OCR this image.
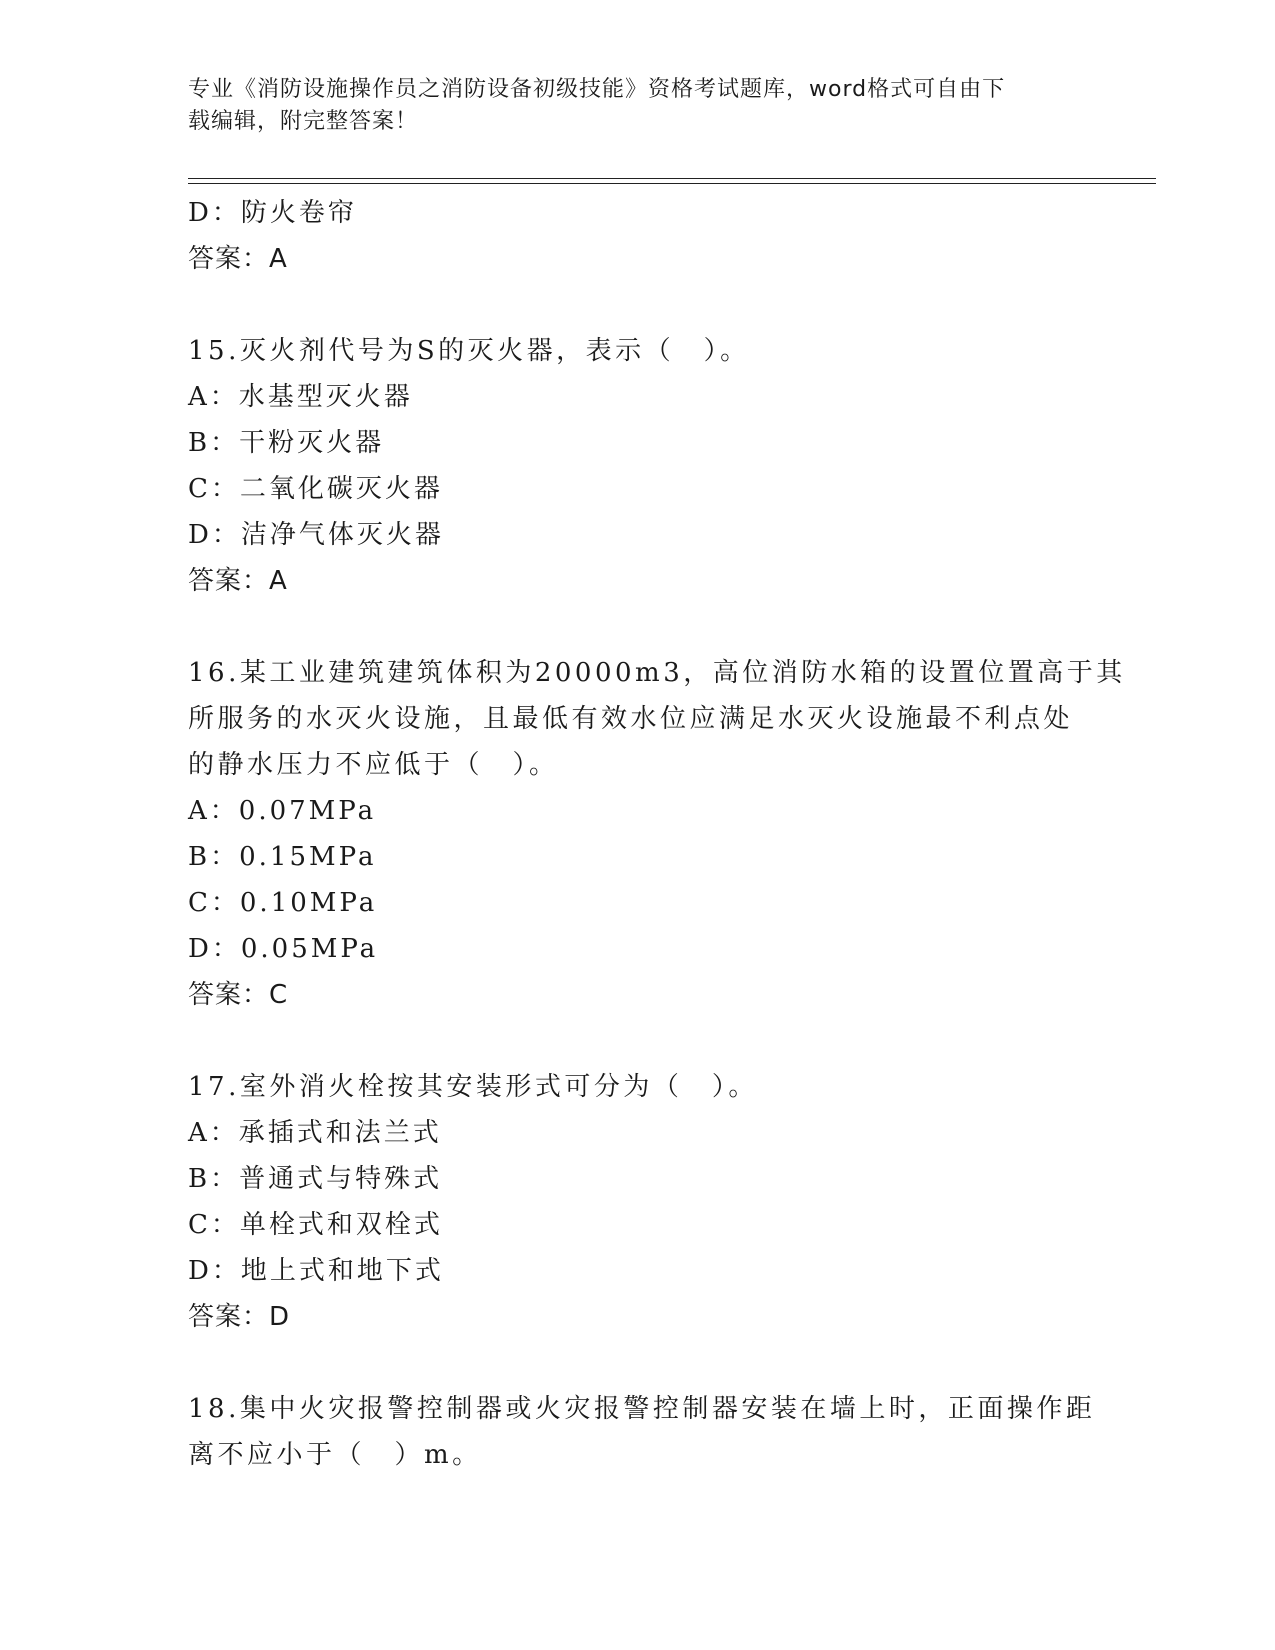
专业《消防设施操作员之消防设备初级技能》资格考试题库，word格式可自由下
载编辑，附完整答案！
D：防火卷帘
答案：A
15.灭火剂代号为S的灭火器，表示（　）。
A：水基型灭火器
B：干粉灭火器
C：二氧化碳灭火器
D：洁净气体灭火器
答案：A
16.某工业建筑建筑体积为20000m3，高位消防水箱的设置位置高于其
所服务的水灭火设施，且最低有效水位应满足水灭火设施最不利点处
的静水压力不应低于（　）。
A：0.07MPa
B：0.15MPa
C：0.10MPa
D：0.05MPa
答案：C
17.室外消火栓按其安装形式可分为（　）。
A：承插式和法兰式
B：普通式与特殊式
C：单栓式和双栓式
D：地上式和地下式
答案：D
18.集中火灾报警控制器或火灾报警控制器安装在墙上时，正面操作距
离不应小于（　）m。
